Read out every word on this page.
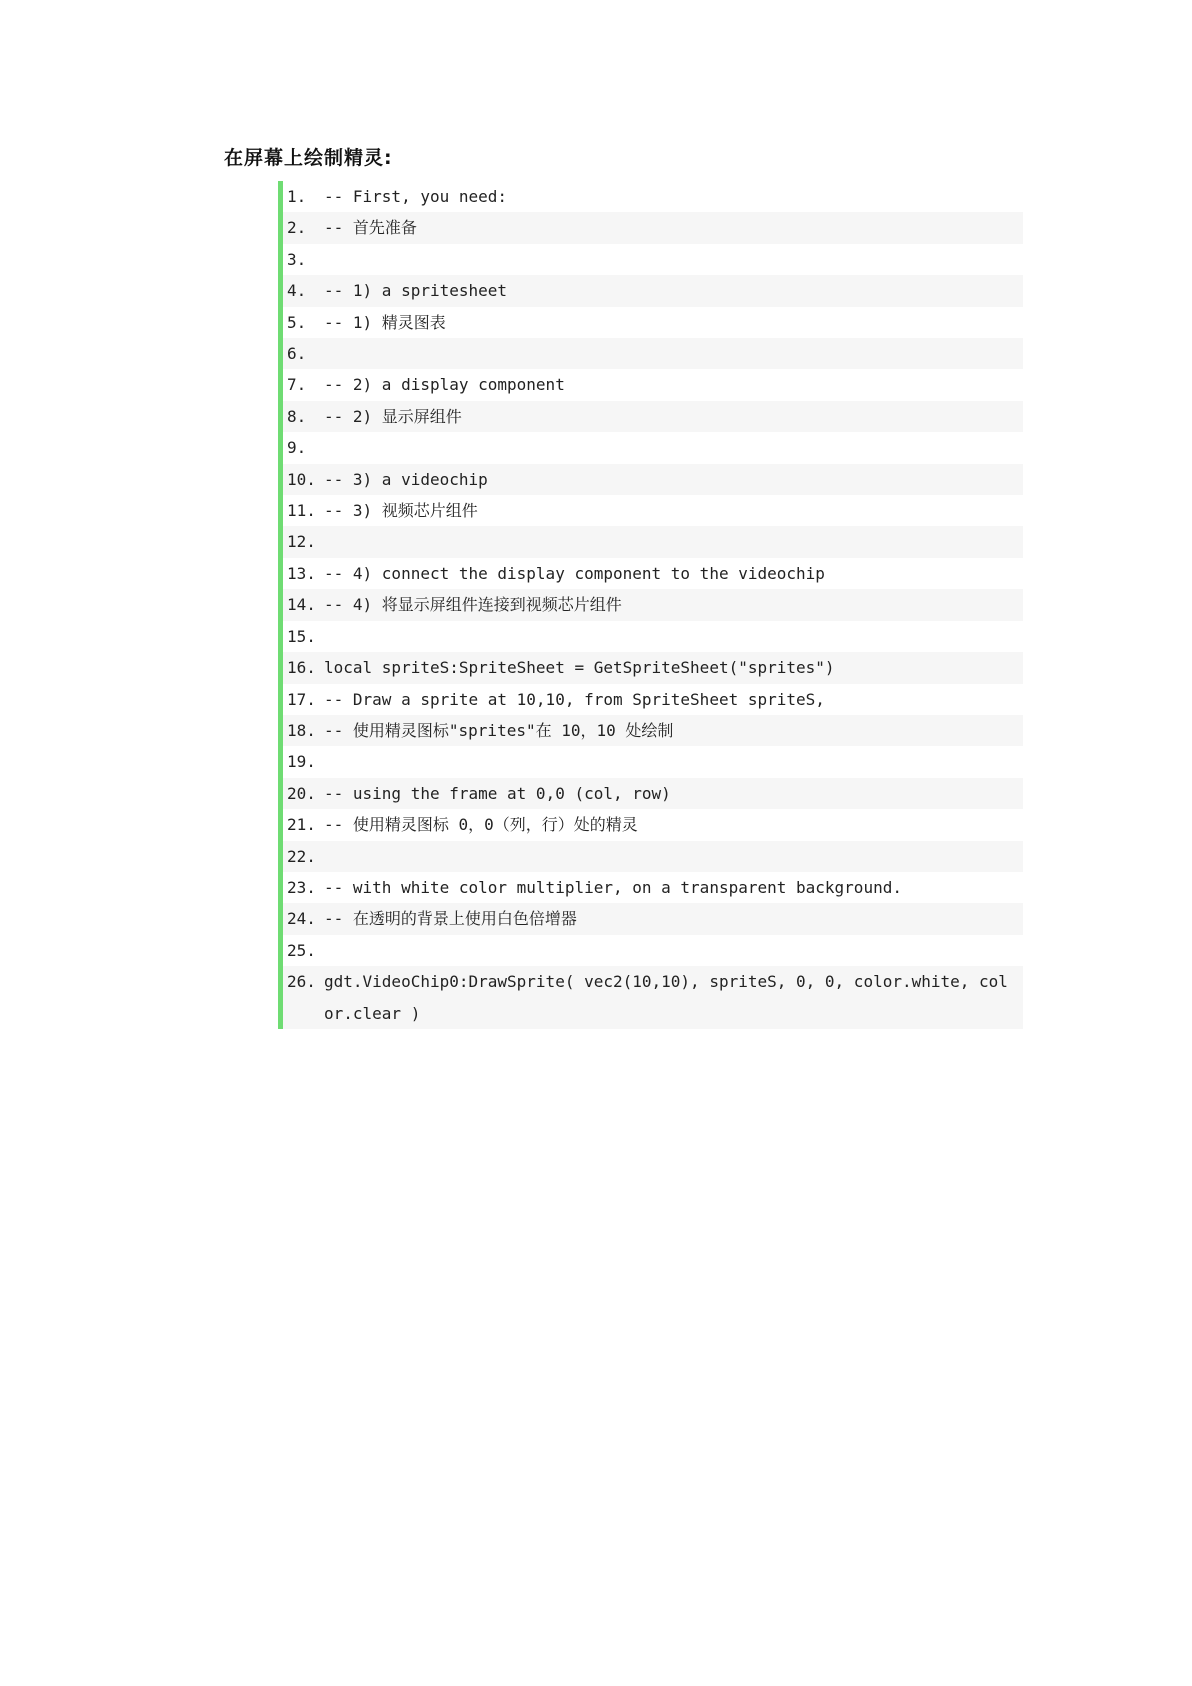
在屏幕上绘制精灵:
1.	-- First, you need:
2.	-- 首先准备
3.
4.	-- 1) a spritesheet
5.	-- 1) 精灵图表
6.
7.	-- 2) a display component
8.	-- 2) 显示屏组件
9.
10. -- 3) a videochip
11. -- 3) 视频芯片组件
12.
13. -- 4) connect the display component to the videochip
14. -- 4) 将显示屏组件连接到视频芯片组件
15.
16. local spriteS:SpriteSheet = GetSpriteSheet("sprites")
17. -- Draw a sprite at 10,10, from SpriteSheet spriteS,
18. -- 使用精灵图标"sprites"在 10，10 处绘制
19.
20. -- using the frame at 0,0 (col, row)
21. -- 使用精灵图标 0，0（列，行）处的精灵
22.
23. -- with white color multiplier, on a transparent background.
24. -- 在透明的背景上使用白色倍增器
25.
26. gdt.VideoChip0:DrawSprite( vec2(10,10), spriteS, 0, 0, color.white, color.clear )
